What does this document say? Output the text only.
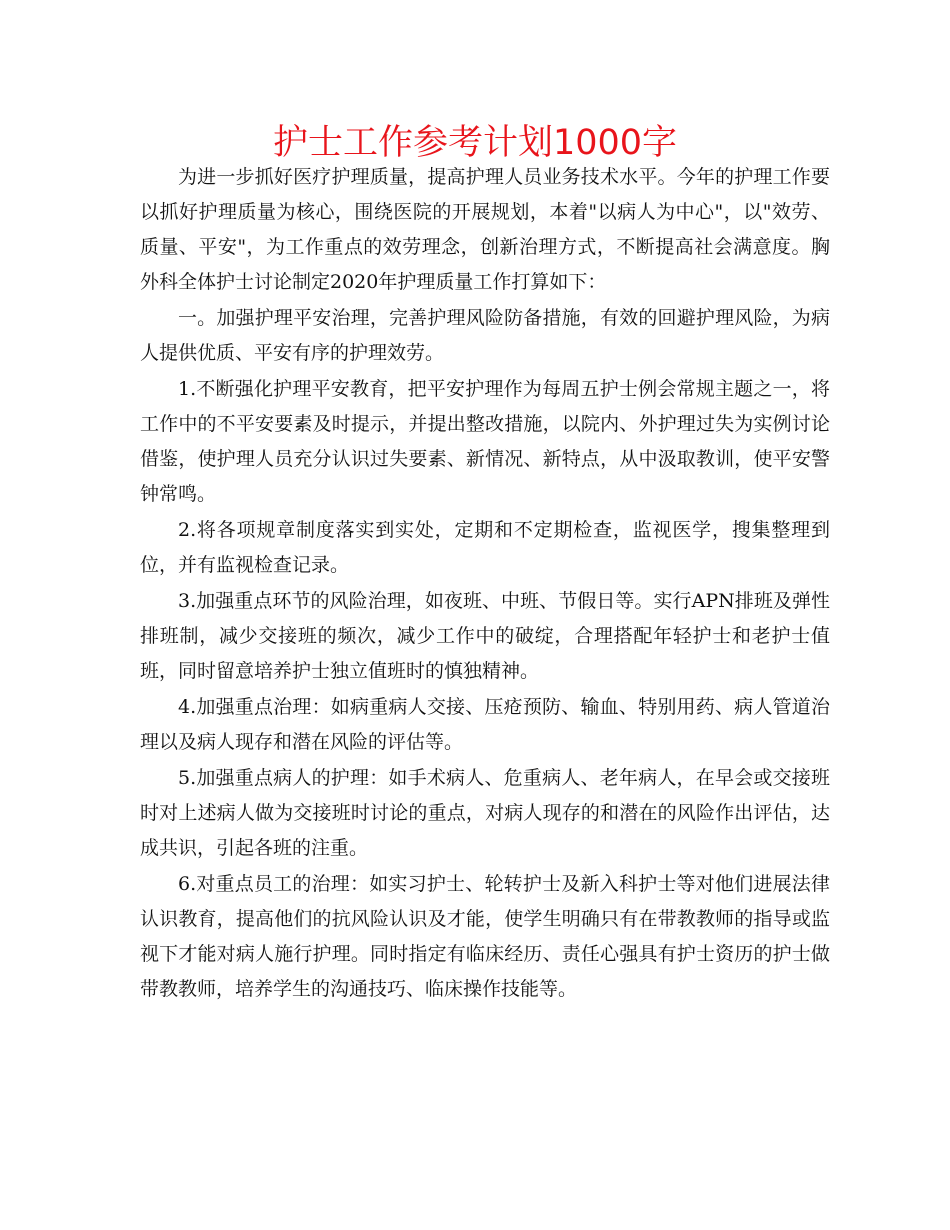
护士工作参考计划1000字

为进一步抓好医疗护理质量，提高护理人员业务技术水平。今年的护理工作要以抓好护理质量为核心，围绕医院的开展规划，本着"以病人为中心"，以"效劳、质量、平安"，为工作重点的效劳理念，创新治理方式，不断提高社会满意度。胸外科全体护士讨论制定2020年护理质量工作打算如下：

一。加强护理平安治理，完善护理风险防备措施，有效的回避护理风险，为病人提供优质、平安有序的护理效劳。

1.不断强化护理平安教育，把平安护理作为每周五护士例会常规主题之一，将工作中的不平安要素及时提示，并提出整改措施，以院内、外护理过失为实例讨论借鉴，使护理人员充分认识过失要素、新情况、新特点，从中汲取教训，使平安警钟常鸣。

2.将各项规章制度落实到实处，定期和不定期检查，监视医学，搜集整理到位，并有监视检查记录。

3.加强重点环节的风险治理，如夜班、中班、节假日等。实行APN排班及弹性排班制，减少交接班的频次，减少工作中的破绽，合理搭配年轻护士和老护士值班，同时留意培养护士独立值班时的慎独精神。

4.加强重点治理：如病重病人交接、压疮预防、输血、特别用药、病人管道治理以及病人现存和潜在风险的评估等。

5.加强重点病人的护理：如手术病人、危重病人、老年病人，在早会或交接班时对上述病人做为交接班时讨论的重点，对病人现存的和潜在的风险作出评估，达成共识，引起各班的注重。

6.对重点员工的治理：如实习护士、轮转护士及新入科护士等对他们进展法律认识教育，提高他们的抗风险认识及才能，使学生明确只有在带教教师的指导或监视下才能对病人施行护理。同时指定有临床经历、责任心强具有护士资历的护士做带教教师，培养学生的沟通技巧、临床操作技能等。
